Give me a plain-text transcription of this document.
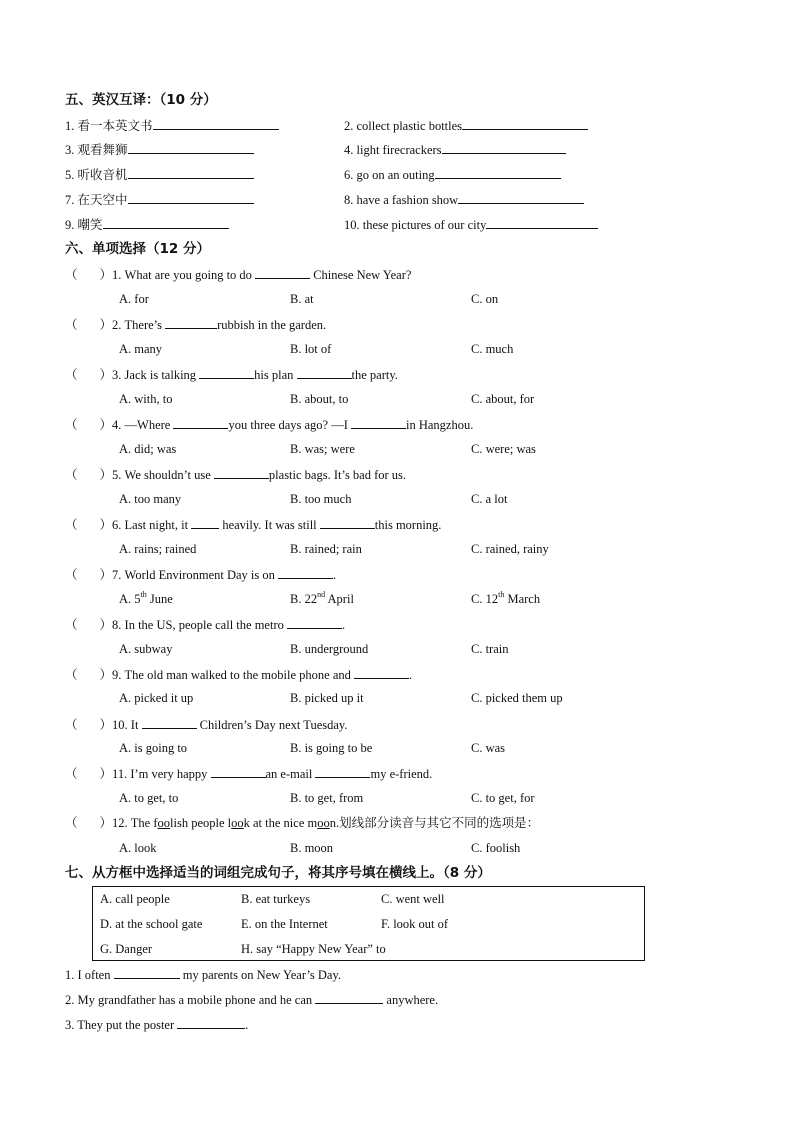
五、英汉互译：（10 分）
1. 看一本英文书	2. collect plastic bottles
3. 观看舞狮	4. light firecrackers
5. 听收音机	6. go on an outing
7. 在天空中	8. have a fashion show
9. 嘲笑	10. these pictures of our city
六、单项选择（12 分）
（ ）1. What are you going to do	Chinese New Year?
A. for	B. at	C. on
（ ）2. There’s	rubbish in the garden.
A. many	B. lot of	C. much
（ ）3. Jack is talking	his plan	the party.
A. with, to	B. about, to	C. about, for
（ ）4. —Where	you three days ago? —I	in Hangzhou.
A. did; was	B. was; were	C. were; was
（ ）5. We shouldn’t use	plastic bags. It’s bad for us.
A. too many	B. too much	C. a lot
（ ）6. Last night, it  heavily. It was still	this morning.
A. rains; rained	B. rained; rain	C. rained, rainy
（ ）7. World Environment Day is on	.
A. 5th June	B. 22nd April	C. 12th March
（ ）8. In the US, people call the metro	.
A. subway	B. underground	C. train
（ ）9. The old man walked to the mobile phone and	.
A. picked it up	B. picked up it	C. picked them up
（ ）10. It	Children’s Day next Tuesday.
A. is going to	B. is going to be	C. was
（ ）11. I’m very happy	an e-mail	my e-friend.
A. to get, to	B. to get, from	C. to get, for
（ ）12. The foolish people look at the nice moon.划线部分读音与其它不同的选项是：
A. look	B. moon	C. foolish
七、从方框中选择适当的词组完成句子，将其序号填在横线上。（8 分）
A. call people	B. eat turkeys	C. went well
D. at the school gate	E. on the Internet	F. look out of
G. Danger	H. say “Happy New Year” to
1. I often	my parents on New Year’s Day.
2. My grandfather has a mobile phone and he can	anywhere.
3. They put the poster	.
